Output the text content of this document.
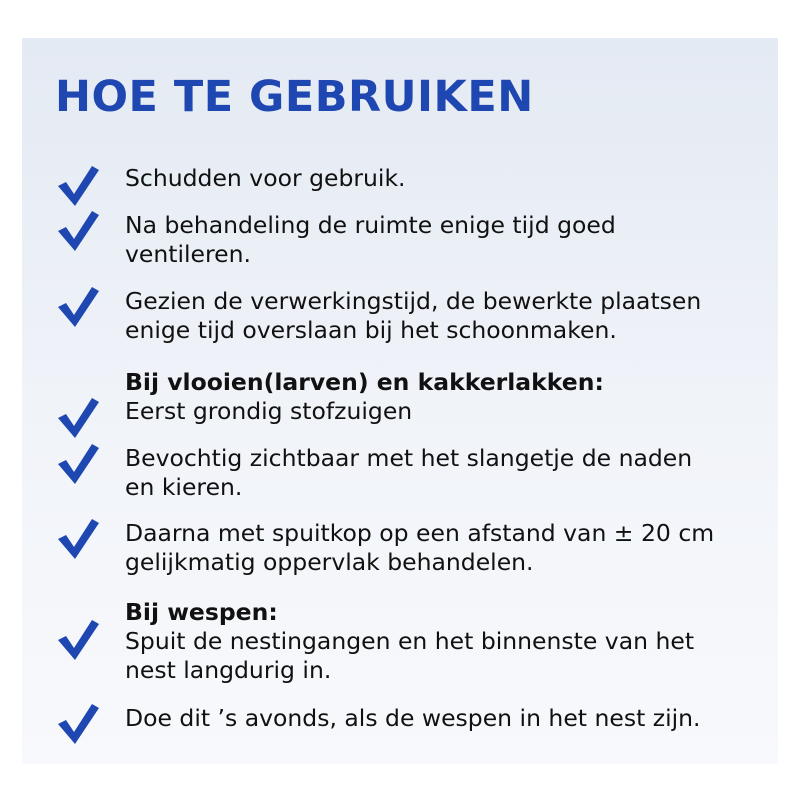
HOE TE GEBRUIKEN
Schudden voor gebruik.
Na behandeling de ruimte enige tijd goed
ventileren.
Gezien de verwerkingstijd, de bewerkte plaatsen
enige tijd overslaan bij het schoonmaken.
Bij vlooien(larven) en kakkerlakken:
Eerst grondig stofzuigen
Bevochtig zichtbaar met het slangetje de naden
en kieren.
Daarna met spuitkop op een afstand van ± 20 cm
gelijkmatig oppervlak behandelen.
Bij wespen:
Spuit de nestingangen en het binnenste van het
nest langdurig in.
Doe dit ’s avonds, als de wespen in het nest zijn.
